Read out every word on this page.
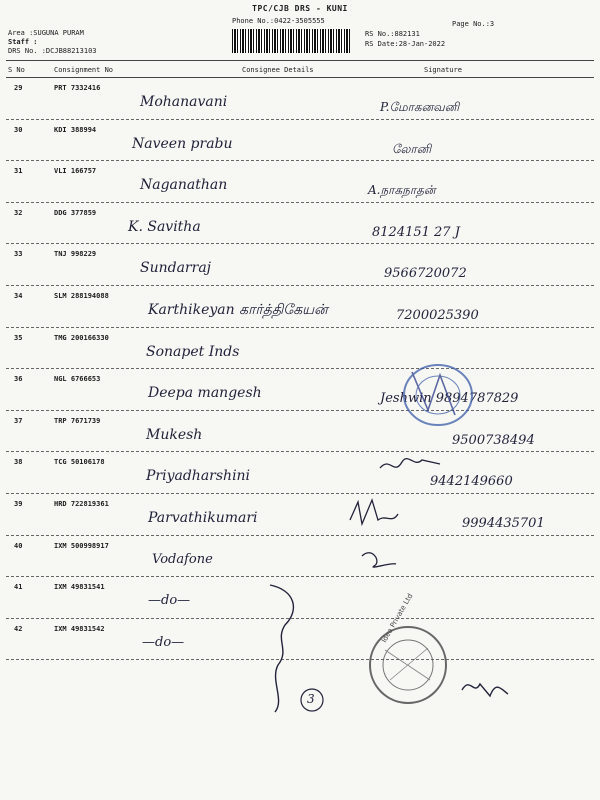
TPC/CJB DRS - KUNI
Phone No.:0422-3505555	Page No.:3
Area :SUGUNA PURAM
Staff :
DRS No. :DCJB88213103
RS No.:882131
RS Date:28-Jan-2022
S No	Consignment No	Consignee Details	Signature
29	PRT 7332416
Mohanavani	P.மோகனவனி
30	KDI 388994
Naveen prabu	லோனி
31	VLI 166757
Naganathan	A.நாகநாதன்
32	DDG 377859
K. Savitha	8124151 27 J
33	TNJ 998229
Sundarraj	9566720072
34	SLM 288194088
Karthikeyan கார்த்திகேயன்	7200025390
35	TMG 200166330
Sonapet Inds
36	NGL 6766653
Deepa mangesh	Jeshwin 9894787829
37	TRP 7671739
Mukesh	9500738494
38	TCG 50106178
Priyadharshini	9442149660
39	HRD 722819361
Parvathikumari	9994435701
40	IXM 500998917
Vodafone
41	IXM 49831541
—do—
42	IXM 49831542
—do—
3
Idea Private Ltd
